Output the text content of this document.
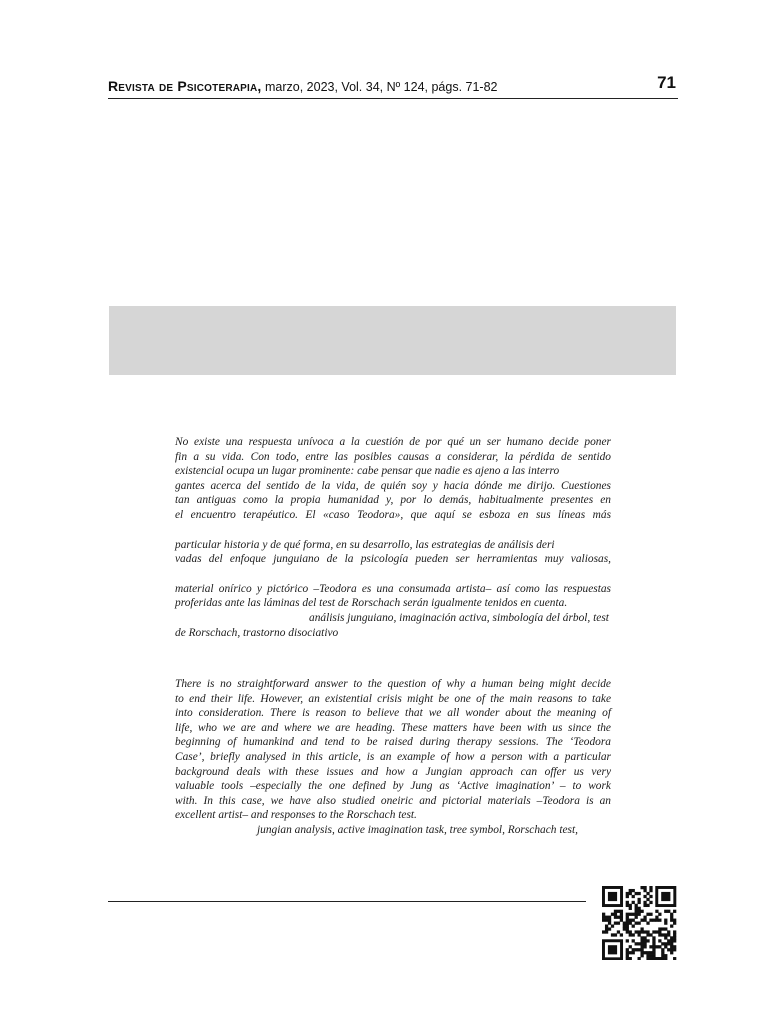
Revista de Psicoterapia, marzo, 2023, Vol. 34, Nº 124, págs. 71-82	71
No existe una respuesta unívoca a la cuestión de por qué un ser humano decide poner
fin a su vida. Con todo, entre las posibles causas a considerar, la pérdida de sentido
existencial ocupa un lugar prominente: cabe pensar que nadie es ajeno a las interro
gantes acerca del sentido de la vida, de quién soy y hacia dónde me dirijo. Cuestiones
tan antiguas como la propia humanidad y, por lo demás, habitualmente presentes en
el encuentro terapéutico. El «caso Teodora», que aquí se esboza en sus líneas más
particular historia y de qué forma, en su desarrollo, las estrategias de análisis deri
vadas del enfoque junguiano de la psicología pueden ser herramientas muy valiosas,
material onírico y pictórico –Teodora es una consumada artista– así como las respuestas
proferidas ante las láminas del test de Rorschach serán igualmente tenidos en cuenta.
análisis junguiano, imaginación activa, simbología del árbol, test
de Rorschach, trastorno disociativo
There is no straightforward answer to the question of why a human being might decide
to end their life. However, an existential crisis might be one of the main reasons to take
into consideration. There is reason to believe that we all wonder about the meaning of
life, who we are and where we are heading. These matters have been with us since the
beginning of humankind and tend to be raised during therapy sessions. The ‘Teodora
Case’, briefly analysed in this article, is an example of how a person with a particular
background deals with these issues and how a Jungian approach can offer us very
valuable tools –especially the one defined by Jung as ‘Active imagination’ – to work
with. In this case, we have also studied oneiric and pictorial materials –Teodora is an
excellent artist– and responses to the Rorschach test.
jungian analysis, active imagination task, tree symbol, Rorschach test,
